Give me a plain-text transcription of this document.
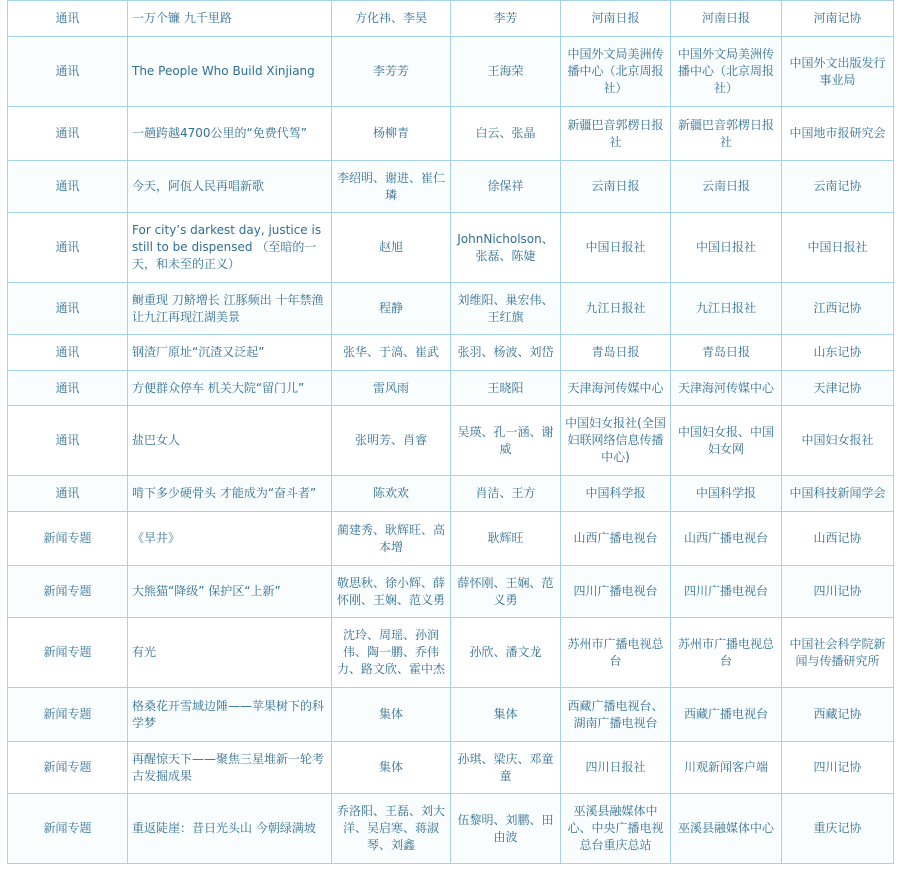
通讯	一万个镰 九千里路	方化祎、李昊	李芳	河南日报	河南日报	河南记协
通讯	The People Who Build Xinjiang	李芳芳	王海荣	中国外文局美洲传播中心（北京周报社）	中国外文局美洲传播中心（北京周报社）	中国外文出版发行事业局
通讯	一趟跨越4700公里的“免费代驾”	杨柳青	白云、张晶	新疆巴音郭楞日报社	新疆巴音郭楞日报社	中国地市报研究会
通讯	今天，阿佤人民再唱新歌	李绍明、谢进、崔仁璘	徐保祥	云南日报	云南日报	云南记协
通讯	For city’s darkest day, justice is still to be dispensed （至暗的一天，和未至的正义）	赵旭	JohnNicholson、张磊、陈婕	中国日报社	中国日报社	中国日报社
通讯	鲥重现 刀鲚增长 江豚频出 十年禁渔让九江再现江湖美景	程静	刘维阳、巢宏伟、王红旗	九江日报社	九江日报社	江西记协
通讯	钢渣厂原址“沉渣又泛起”	张华、于滈、崔武	张羽、杨波、刘岱	青岛日报	青岛日报	山东记协
通讯	方便群众停车 机关大院“留门儿”	雷风雨	王晓阳	天津海河传媒中心	天津海河传媒中心	天津记协
通讯	盐巴女人	张明芳、肖睿	吴瑛、孔一涵、谢威	中国妇女报社(全国妇联网络信息传播中心)	中国妇女报、中国妇女网	中国妇女报社
通讯	啃下多少硬骨头 才能成为“奋斗者”	陈欢欢	肖洁、王方	中国科学报	中国科学报	中国科技新闻学会
新闻专题	《旱井》	蔺建秀、耿辉旺、高本增	耿辉旺	山西广播电视台	山西广播电视台	山西记协
新闻专题	大熊猫“降级” 保护区“上新”	敬思秋、徐小辉、薛怀刚、王娴、范义勇	薛怀刚、王娴、范义勇	四川广播电视台	四川广播电视台	四川记协
新闻专题	有光	沈玲、周瑶、孙润伟、陶一鹏、乔伟力、路文欣、霍中杰	孙欣、潘文龙	苏州市广播电视总台	苏州市广播电视总台	中国社会科学院新闻与传播研究所
新闻专题	格桑花开雪域边陲——苹果树下的科学梦	集体	集体	西藏广播电视台、湖南广播电视台	西藏广播电视台	西藏记协
新闻专题	再醒惊天下——聚焦三星堆新一轮考古发掘成果	集体	孙琪、梁庆、邓童童	四川日报社	川观新闻客户端	四川记协
新闻专题	重返陡崖：昔日光头山 今朝绿满坡	乔洛阳、王磊、刘大洋、吴启寒、蒋淑琴、刘鑫	伍黎明、刘鹏、田由波	巫溪县融媒体中心、中央广播电视总台重庆总站	巫溪县融媒体中心	重庆记协
